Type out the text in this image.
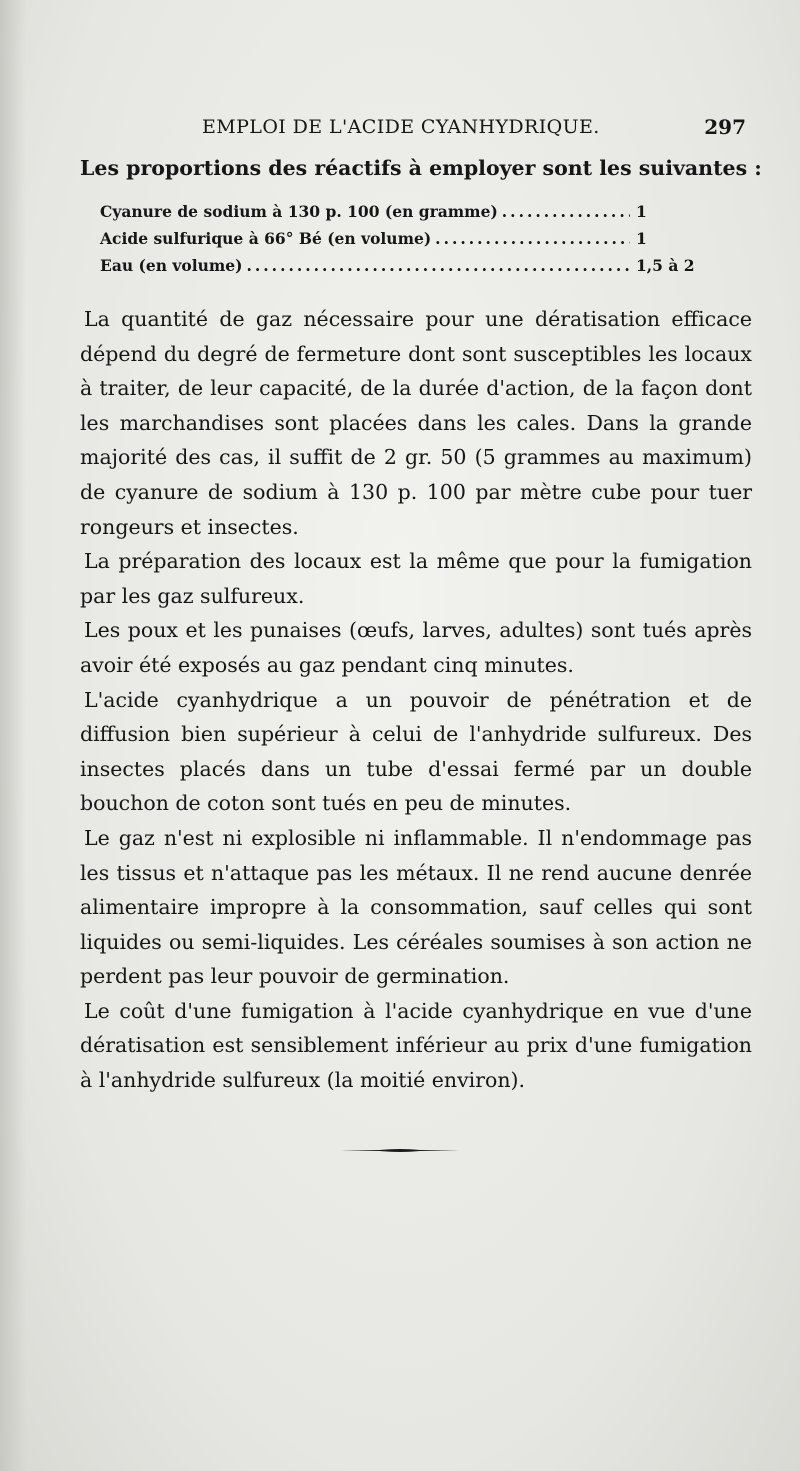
EMPLOI DE L'ACIDE CYANHYDRIQUE.	297
Les proportions des réactifs à employer sont les suivantes :
Cyanure de sodium à 130 p. 100 (en gramme) .....	1
Acide sulfurique à 66° Bé (en volume) .....	1
Eau (en volume) .....	1,5 à 2

La quantité de gaz nécessaire pour une dératisation efficace dépend du degré de fermeture dont sont susceptibles les locaux à traiter, de leur capacité, de la durée d'action, de la façon dont les marchandises sont placées dans les cales. Dans la grande majorité des cas, il suffit de 2 gr. 50 (5 grammes au maximum) de cyanure de sodium à 130 p. 100 par mètre cube pour tuer rongeurs et insectes.

La préparation des locaux est la même que pour la fumigation par les gaz sulfureux.

Les poux et les punaises (œufs, larves, adultes) sont tués après avoir été exposés au gaz pendant cinq minutes.

L'acide cyanhydrique a un pouvoir de pénétration et de diffusion bien supérieur à celui de l'anhydride sulfureux. Des insectes placés dans un tube d'essai fermé par un double bouchon de coton sont tués en peu de minutes.

Le gaz n'est ni explosible ni inflammable. Il n'endommage pas les tissus et n'attaque pas les métaux. Il ne rend aucune denrée alimentaire impropre à la consommation, sauf celles qui sont liquides ou semi-liquides. Les céréales soumises à son action ne perdent pas leur pouvoir de germination.

Le coût d'une fumigation à l'acide cyanhydrique en vue d'une dératisation est sensiblement inférieur au prix d'une fumigation à l'anhydride sulfureux (la moitié environ).
